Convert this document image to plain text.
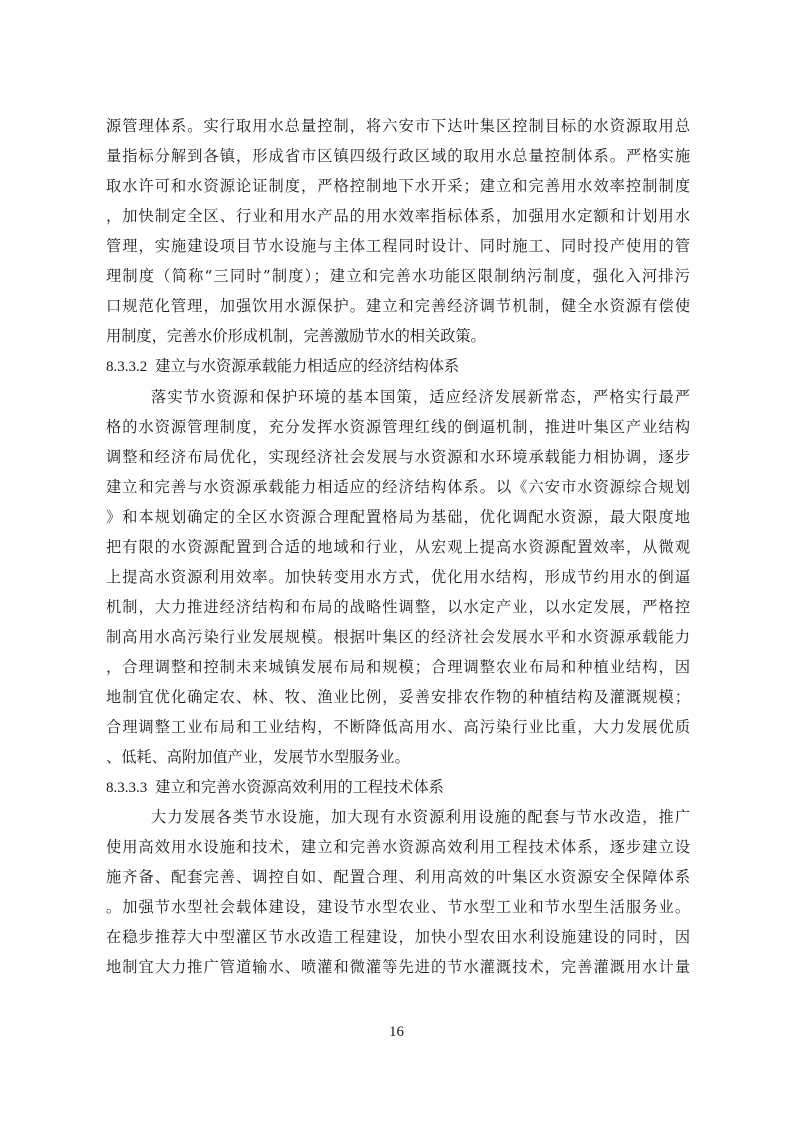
源管理体系。实行取用水总量控制，将六安市下达叶集区控制目标的水资源取用总
量指标分解到各镇，形成省市区镇四级行政区域的取用水总量控制体系。严格实施
取水许可和水资源论证制度，严格控制地下水开采；建立和完善用水效率控制制度
，加快制定全区、行业和用水产品的用水效率指标体系，加强用水定额和计划用水
管理，实施建设项目节水设施与主体工程同时设计、同时施工、同时投产使用的管
理制度（简称“三同时”制度）；建立和完善水功能区限制纳污制度，强化入河排污
口规范化管理，加强饮用水源保护。建立和完善经济调节机制，健全水资源有偿使
用制度，完善水价形成机制，完善激励节水的相关政策。
8.3.3.2 建立与水资源承载能力相适应的经济结构体系
落实节水资源和保护环境的基本国策，适应经济发展新常态，严格实行最严
格的水资源管理制度，充分发挥水资源管理红线的倒逼机制，推进叶集区产业结构
调整和经济布局优化，实现经济社会发展与水资源和水环境承载能力相协调，逐步
建立和完善与水资源承载能力相适应的经济结构体系。以《六安市水资源综合规划
》和本规划确定的全区水资源合理配置格局为基础，优化调配水资源，最大限度地
把有限的水资源配置到合适的地域和行业，从宏观上提高水资源配置效率，从微观
上提高水资源利用效率。加快转变用水方式，优化用水结构，形成节约用水的倒逼
机制，大力推进经济结构和布局的战略性调整，以水定产业，以水定发展，严格控
制高用水高污染行业发展规模。根据叶集区的经济社会发展水平和水资源承载能力
，合理调整和控制未来城镇发展布局和规模；合理调整农业布局和种植业结构，因
地制宜优化确定农、林、牧、渔业比例，妥善安排农作物的种植结构及灌溉规模；
合理调整工业布局和工业结构，不断降低高用水、高污染行业比重，大力发展优质
、低耗、高附加值产业，发展节水型服务业。
8.3.3.3 建立和完善水资源高效利用的工程技术体系
大力发展各类节水设施，加大现有水资源利用设施的配套与节水改造，推广
使用高效用水设施和技术，建立和完善水资源高效利用工程技术体系，逐步建立设
施齐备、配套完善、调控自如、配置合理、利用高效的叶集区水资源安全保障体系
。加强节水型社会载体建设，建设节水型农业、节水型工业和节水型生活服务业。
在稳步推荐大中型灌区节水改造工程建设，加快小型农田水利设施建设的同时，因
地制宜大力推广管道输水、喷灌和微灌等先进的节水灌溉技术，完善灌溉用水计量
16
